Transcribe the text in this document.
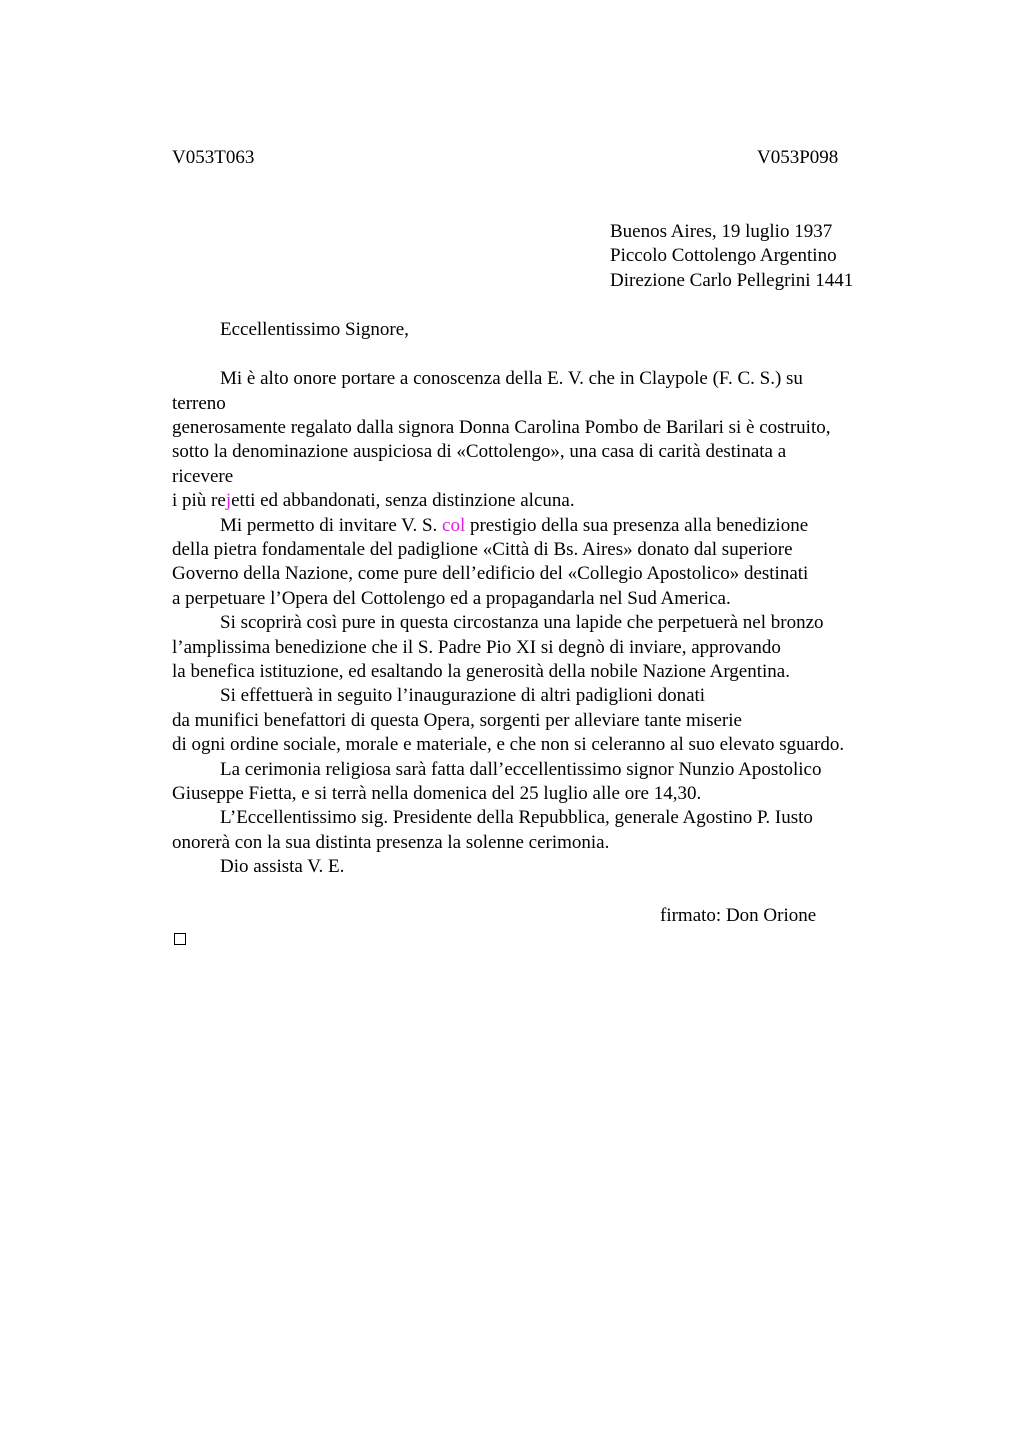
V053T063	V053P098
Buenos Aires, 19 luglio 1937
Piccolo Cottolengo Argentino
Direzione Carlo Pellegrini 1441
Eccellentissimo Signore,
Mi è alto onore portare a conoscenza della E. V. che in Claypole (F. C. S.) su
terreno
generosamente regalato dalla signora Donna Carolina Pombo de Barilari si è costruito,
sotto la denominazione auspiciosa di «Cottolengo», una casa di carità destinata a
ricevere
i più rejetti ed abbandonati, senza distinzione alcuna.
Mi permetto di invitare V. S. col prestigio della sua presenza alla benedizione
della pietra fondamentale del padiglione «Città di Bs. Aires» donato dal superiore
Governo della Nazione, come pure dell’edificio del «Collegio Apostolico» destinati
a perpetuare l’Opera del Cottolengo ed a propagandarla nel Sud America.
Si scoprirà così pure in questa circostanza una lapide che perpetuerà nel bronzo
l’amplissima benedizione che il S. Padre Pio XI si degnò di inviare, approvando
la benefica istituzione, ed esaltando la generosità della nobile Nazione Argentina.
Si effettuerà in seguito l’inaugurazione di altri padiglioni donati
da munifici benefattori di questa Opera, sorgenti per alleviare tante miserie
di ogni ordine sociale, morale e materiale, e che non si celeranno al suo elevato sguardo.
La cerimonia religiosa sarà fatta dall’eccellentissimo signor Nunzio Apostolico
Giuseppe Fietta, e si terrà nella domenica del 25 luglio alle ore 14,30.
L’Eccellentissimo sig. Presidente della Repubblica, generale Agostino P. Iusto
onorerà con la sua distinta presenza la solenne cerimonia.
Dio assista V. E.
firmato: Don Orione
